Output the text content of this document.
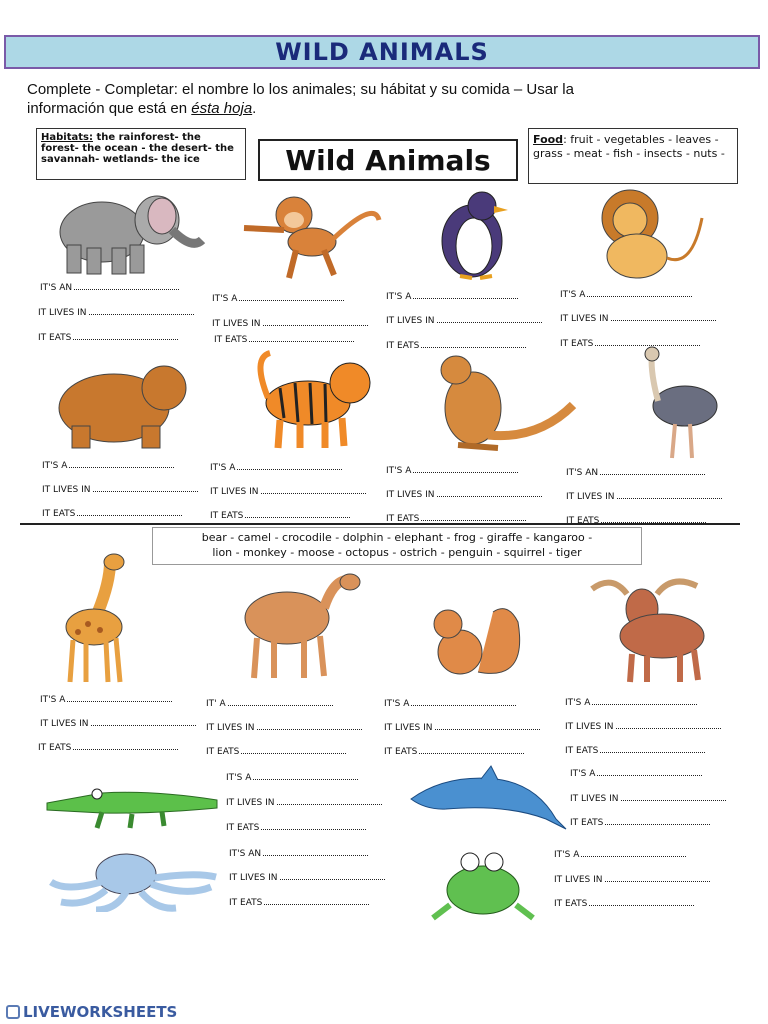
WILD ANIMALS
Complete - Completar: el nombre lo los animales; su hábitat y su comida – Usar la
información que está en ésta hoja.
Habitats: the rainforest- the forest- the ocean - the desert- the savannah- wetlands- the ice	Wild Animals
Food: fruit - vegetables - leaves - grass - meat - fish - insects - nuts -
bear - camel - crocodile - dolphin - elephant - frog - giraffe - kangaroo -
lion - monkey - moose - octopus - ostrich - penguin - squirrel - tiger
IT'S AN
IT LIVES IN
IT EATS
IT'S A
IT LIVES IN
IT EATS
IT'S A
IT LIVES IN
IT EATS
IT'S A
IT LIVES IN
IT EATS
IT'S A
IT LIVES IN
IT EATS
IT'S A
IT LIVES IN
IT EATS
IT'S A
IT LIVES IN
IT EATS
IT'S AN
IT LIVES IN
IT EATS
IT'S A
IT LIVES IN
IT EATS
IT' A
IT LIVES IN
IT EATS
IT'S A
IT LIVES IN
IT EATS
IT'S A
IT LIVES IN
IT EATS
IT'S A
IT LIVES IN
IT EATS
IT'S A
IT LIVES IN
IT EATS
IT'S AN
IT LIVES IN
IT EATS
IT'S A
IT LIVES IN
IT EATS
LIVEWORKSHEETS
